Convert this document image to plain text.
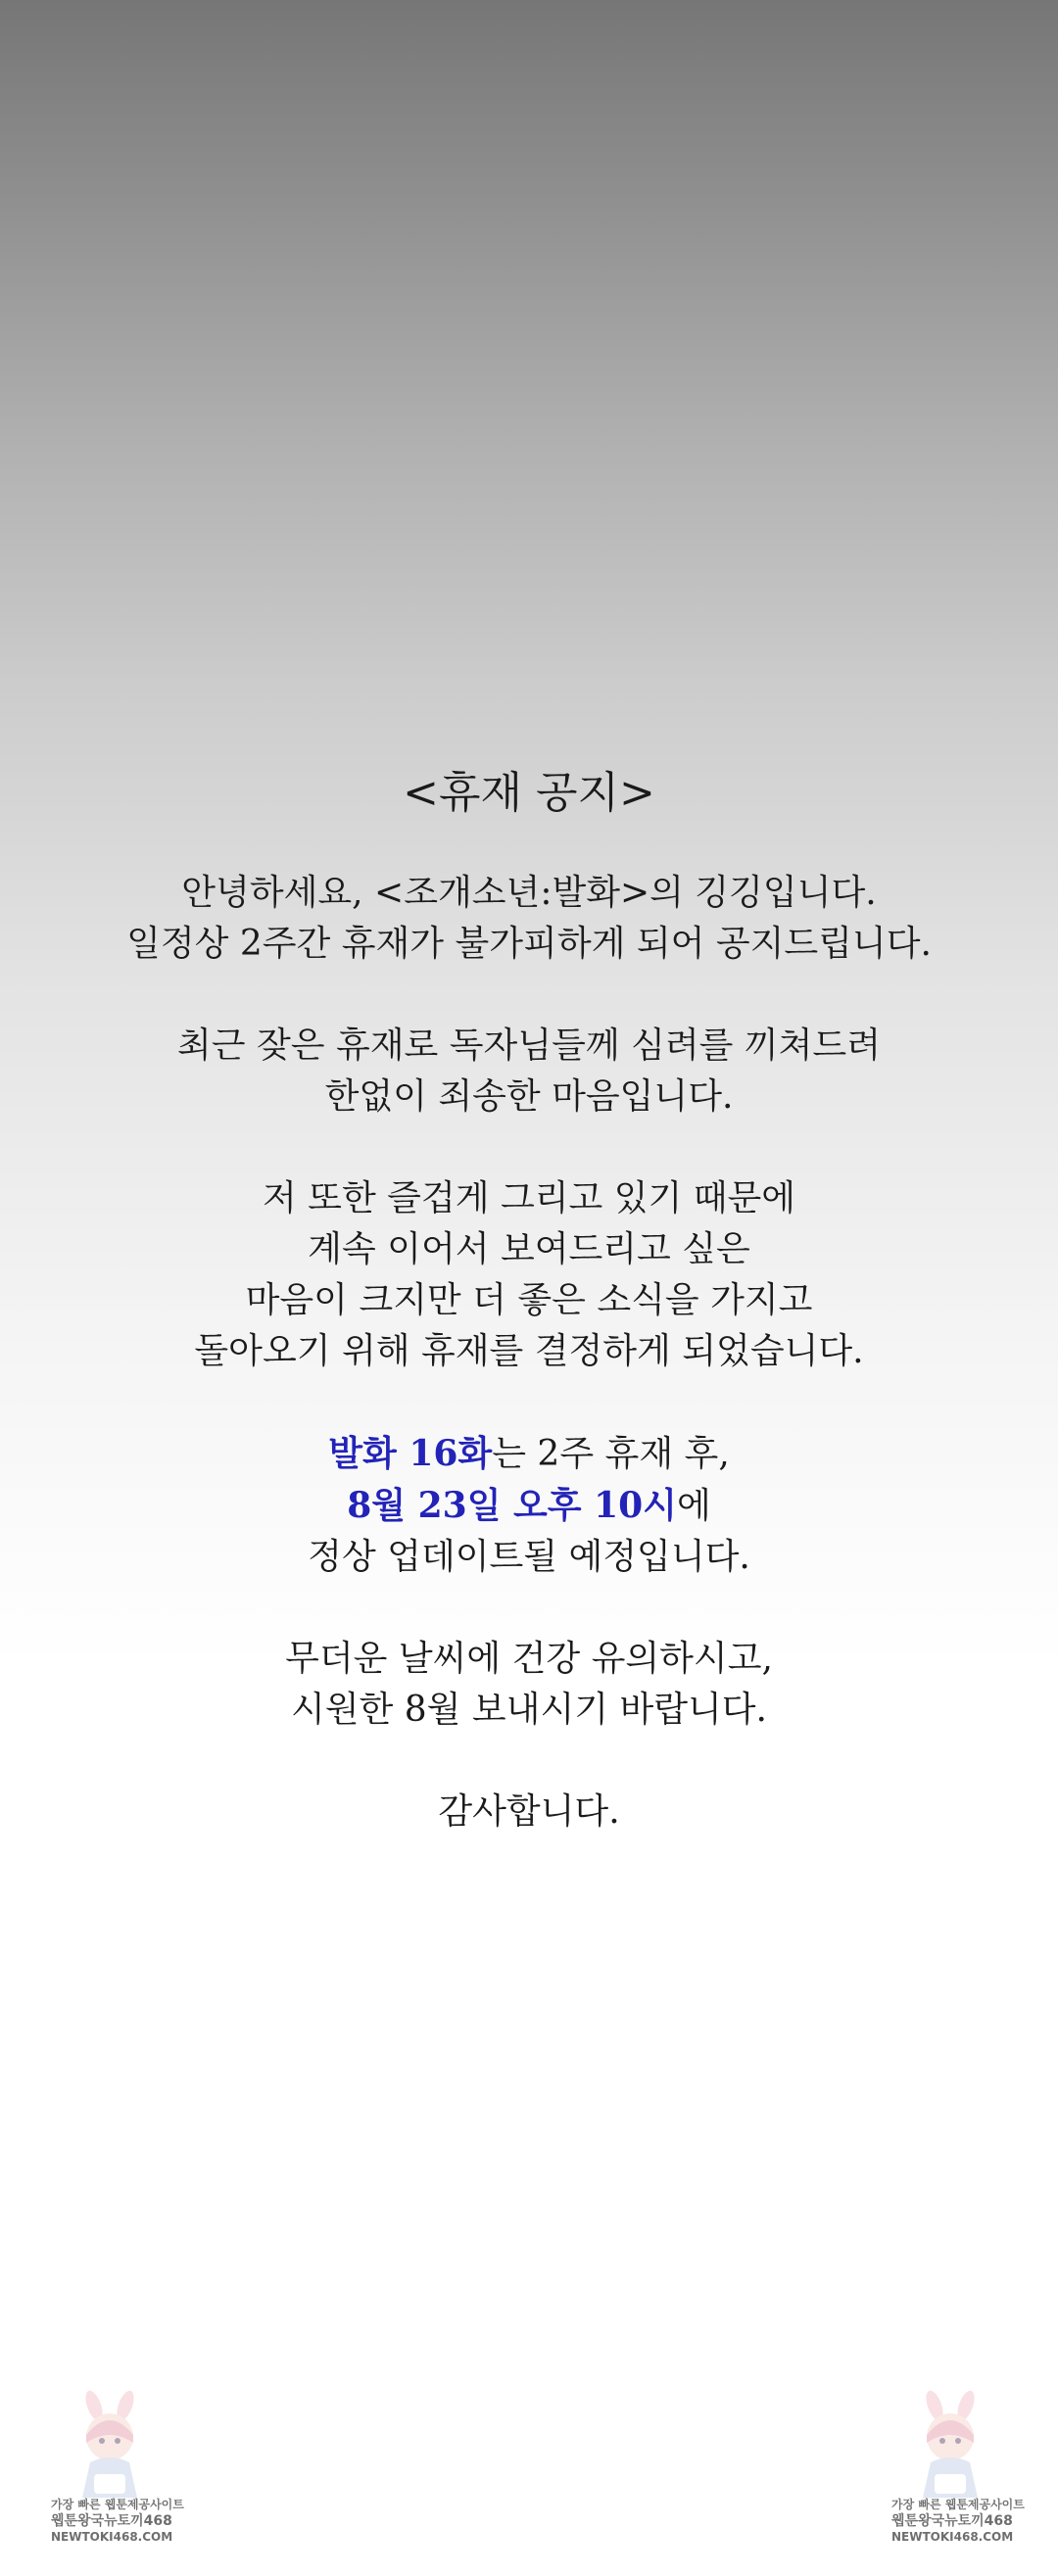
<휴재 공지>
안녕하세요, <조개소년:발화>의 깅깅입니다.
일정상 2주간 휴재가 불가피하게 되어 공지드립니다.
최근 잦은 휴재로 독자님들께 심려를 끼쳐드려
한없이 죄송한 마음입니다.
저 또한 즐겁게 그리고 있기 때문에
계속 이어서 보여드리고 싶은
마음이 크지만 더 좋은 소식을 가지고
돌아오기 위해 휴재를 결정하게 되었습니다.
발화 16화는 2주 휴재 후,
8월 23일 오후 10시에
정상 업데이트될 예정입니다.
무더운 날씨에 건강 유의하시고,
시원한 8월 보내시기 바랍니다.
감사합니다.
가장 빠른 웹툰제공사이트
웹툰왕국뉴토끼468
NEWTOKI468.COM
가장 빠른 웹툰제공사이트
웹툰왕국뉴토끼468
NEWTOKI468.COM
